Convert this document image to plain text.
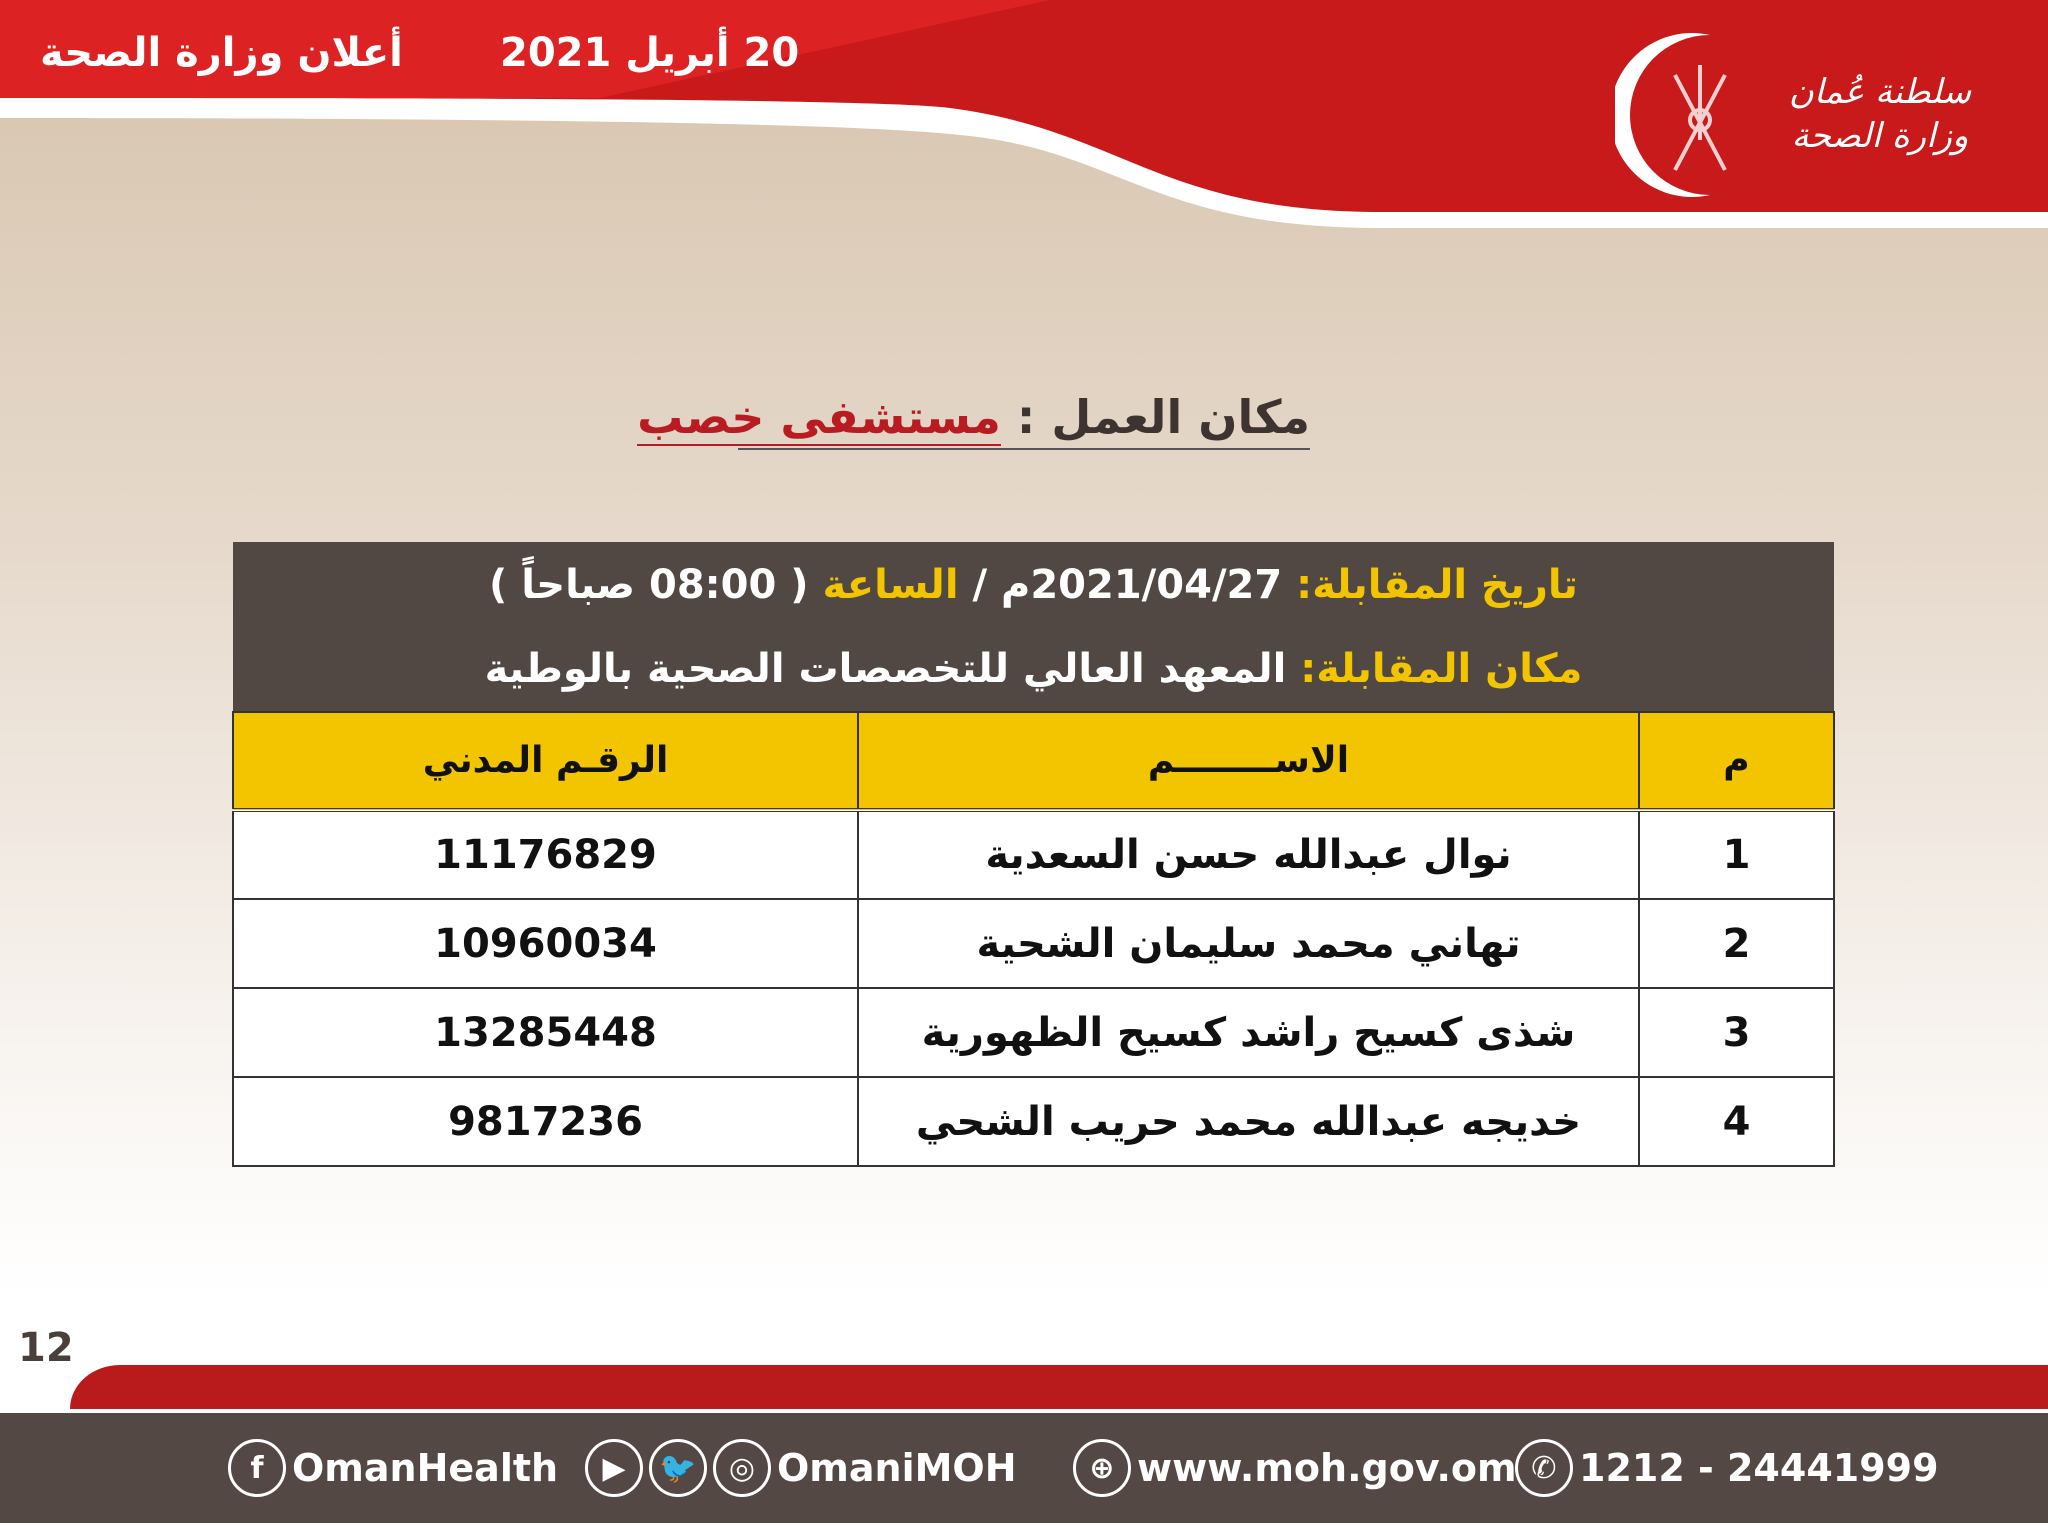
أعلان وزارة الصحة 20 أبريل 2021
سلطنة عُمان
وزارة الصحة
مكان العمل : مستشفى خصب
تاريخ المقابلة: 2021/04/27م / الساعة ( 08:00 صباحاً )		
مكان المقابلة: المعهد العالي للتخصصات الصحية بالوطية		
م	الاســــــــم	الرقـم المدني
1	نوال عبدالله حسن السعدية	11176829
2	تهاني محمد سليمان الشحية	10960034
3	شذى كسيح راشد كسيح الظهورية	13285448
4	خديجه عبدالله محمد حريب الشحي	9817236
12
f OmanHealth	▶	🐦	◎ OmaniMOH	⊕ www.moh.gov.om ✆ 1212 - 24441999
